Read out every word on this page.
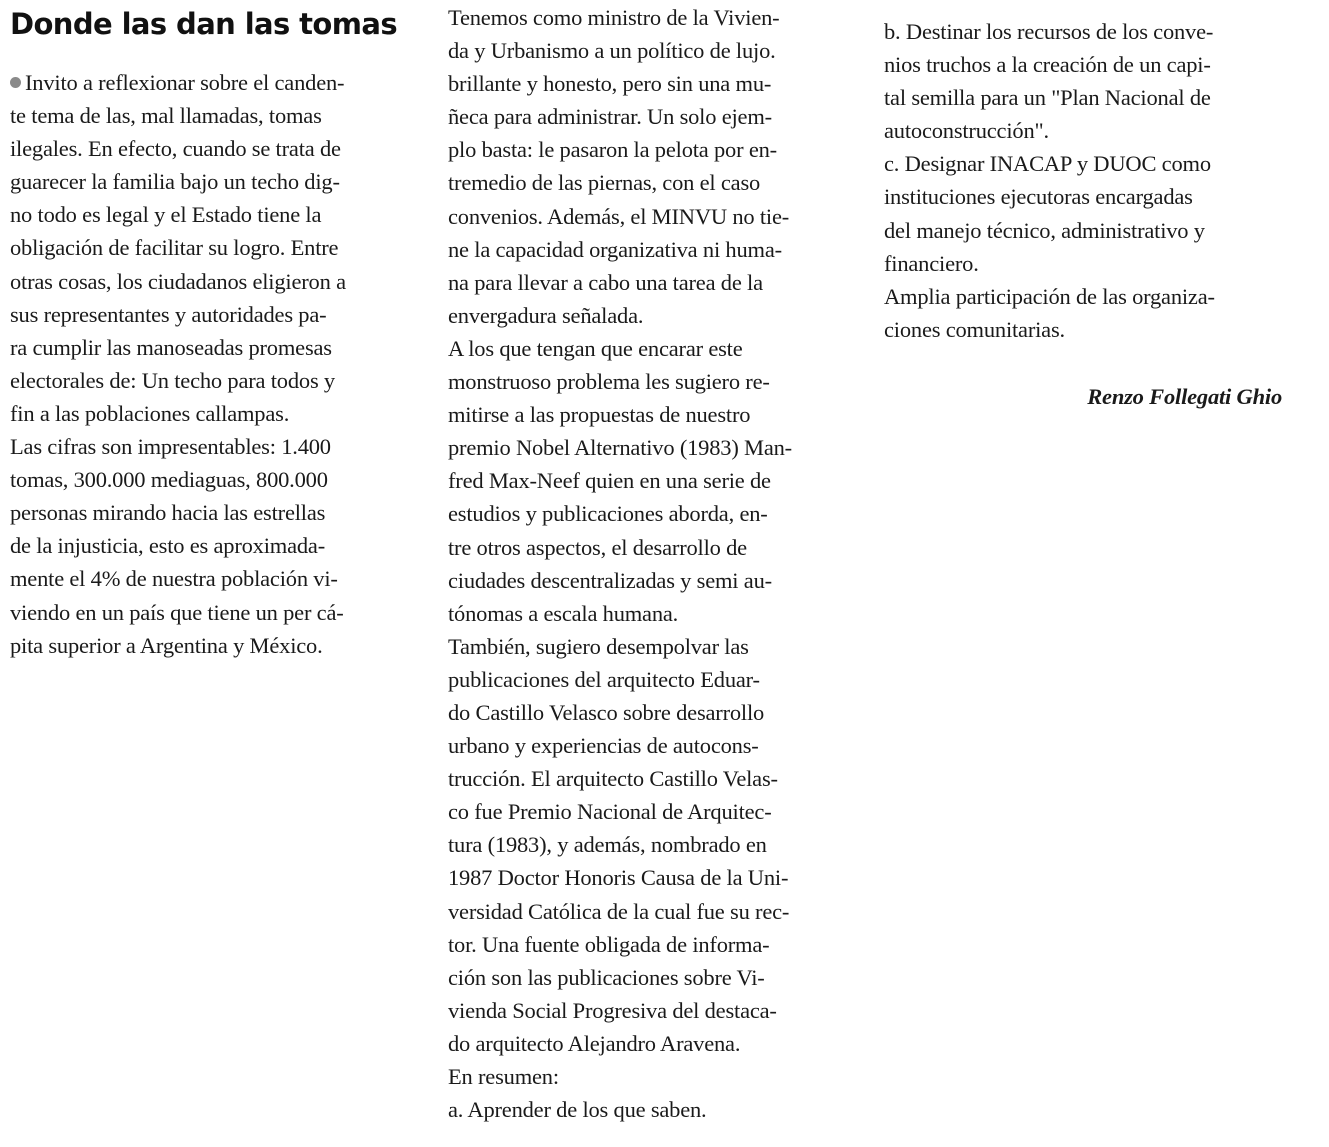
Donde las dan las tomas
Invito a reflexionar sobre el canden-
te tema de las, mal llamadas, tomas
ilegales. En efecto, cuando se trata de
guarecer la familia bajo un techo dig-
no todo es legal y el Estado tiene la
obligación de facilitar su logro. Entre
otras cosas, los ciudadanos eligieron a
sus representantes y autoridades pa-
ra cumplir las manoseadas promesas
electorales de: Un techo para todos y
fin a las poblaciones callampas.
Las cifras son impresentables: 1.400
tomas, 300.000 mediaguas, 800.000
personas mirando hacia las estrellas
de la injusticia, esto es aproximada-
mente el 4% de nuestra población vi-
viendo en un país que tiene un per cá-
pita superior a Argentina y México.
Tenemos como ministro de la Vivien-
da y Urbanismo a un político de lujo.
brillante y honesto, pero sin una mu-
ñeca para administrar. Un solo ejem-
plo basta: le pasaron la pelota por en-
tremedio de las piernas, con el caso
convenios. Además, el MINVU no tie-
ne la capacidad organizativa ni huma-
na para llevar a cabo una tarea de la
envergadura señalada.
A los que tengan que encarar este
monstruoso problema les sugiero re-
mitirse a las propuestas de nuestro
premio Nobel Alternativo (1983) Man-
fred Max-Neef quien en una serie de
estudios y publicaciones aborda, en-
tre otros aspectos, el desarrollo de
ciudades descentralizadas y semi au-
tónomas a escala humana.
También, sugiero desempolvar las
publicaciones del arquitecto Eduar-
do Castillo Velasco sobre desarrollo
urbano y experiencias de autocons-
trucción. El arquitecto Castillo Velas-
co fue Premio Nacional de Arquitec-
tura (1983), y además, nombrado en
1987 Doctor Honoris Causa de la Uni-
versidad Católica de la cual fue su rec-
tor. Una fuente obligada de informa-
ción son las publicaciones sobre Vi-
vienda Social Progresiva del destaca-
do arquitecto Alejandro Aravena.
En resumen:
a. Aprender de los que saben.
b. Destinar los recursos de los conve-
nios truchos a la creación de un capi-
tal semilla para un "Plan Nacional de
autoconstrucción".
c. Designar INACAP y DUOC como
instituciones ejecutoras encargadas
del manejo técnico, administrativo y
financiero.
Amplia participación de las organiza-
ciones comunitarias.
Renzo Follegati Ghio
